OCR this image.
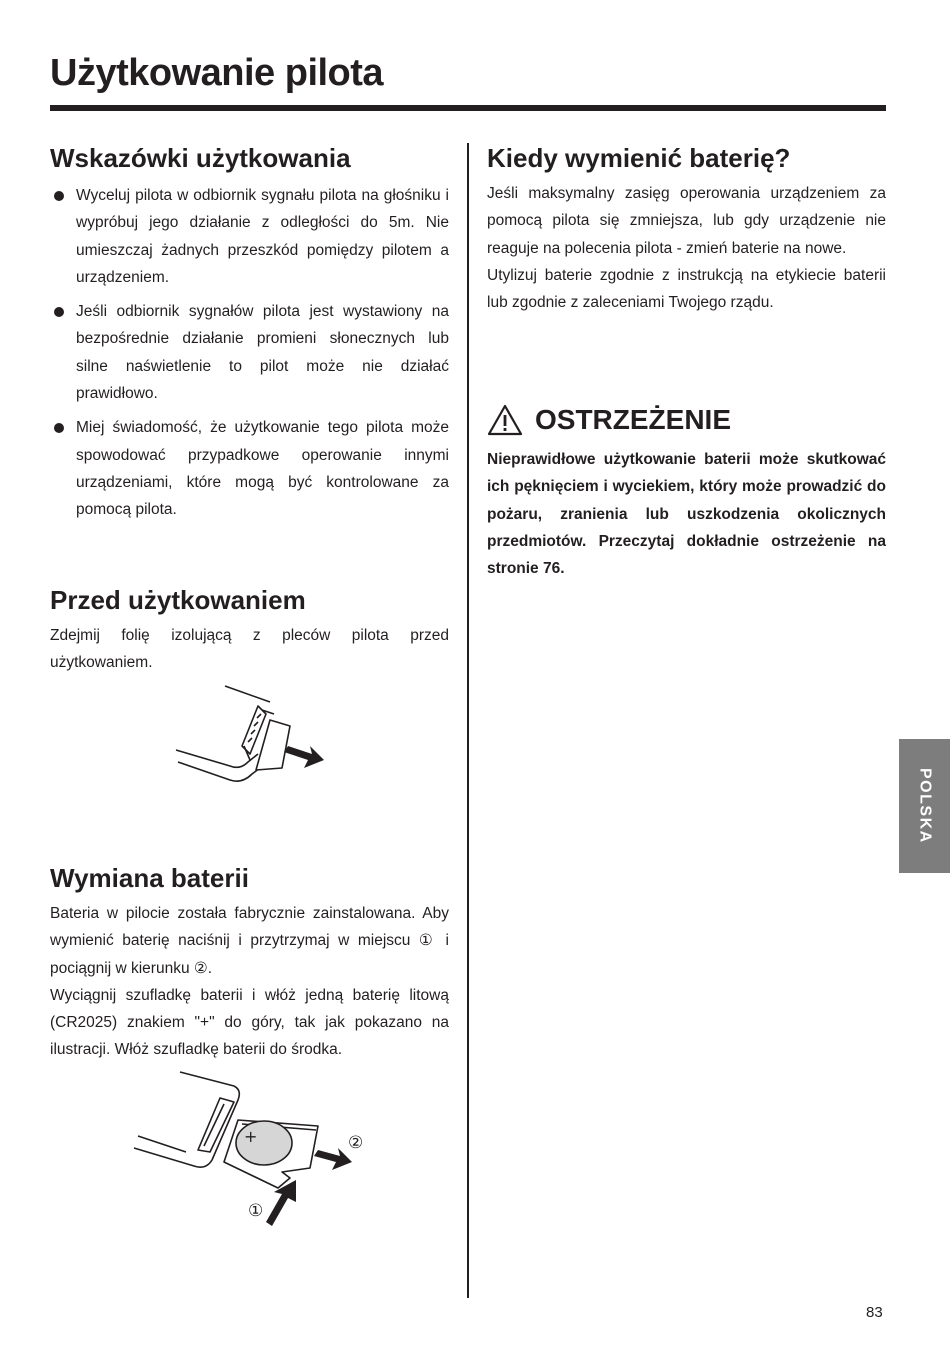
Użytkowanie pilota
Wskazówki użytkowania
Wyceluj pilota w odbiornik sygnału pilota na głośniku i wypróbuj jego działanie z odległości do 5m. Nie umieszczaj żadnych przeszkód pomiędzy pilotem a urządzeniem.
Jeśli odbiornik sygnałów pilota jest wystawiony na bezpośrednie działanie promieni słonecznych lub silne naświetlenie to pilot może nie działać prawidłowo.
Miej świadomość, że użytkowanie tego pilota może spowodować przypadkowe operowanie innymi urządzeniami, które mogą być kontrolowane za pomocą pilota.
Przed użytkowaniem

Zdejmij folię izolującą z pleców pilota przed użytkowaniem.

Wymiana baterii

Bateria w pilocie została fabrycznie zainstalowana. Aby wymienić baterię naciśnij i przytrzymaj w miejscu ① i pociągnij w kierunku ②.

Wyciągnij szufladkę baterii i włóż jedną baterię litową (CR2025) znakiem "+" do góry, tak jak pokazano na ilustracji. Włóż szufladkę baterii do środka.

+	②
①
Kiedy wymienić baterię?

Jeśli maksymalny zasięg operowania urządzeniem za pomocą pilota się zmniejsza, lub gdy urządzenie nie reaguje na polecenia pilota - zmień baterie na nowe.

Utylizuj baterie zgodnie z instrukcją na etykiecie baterii lub zgodnie z zaleceniami Twojego rządu.

OSTRZEŻENIE

Nieprawidłowe użytkowanie baterii może skutkować ich pęknięciem i wyciekiem, który może prowadzić do pożaru, zranienia lub uszkodzenia okolicznych przedmiotów. Przeczytaj dokładnie ostrzeżenie na stronie 76.

POLSKA
83
